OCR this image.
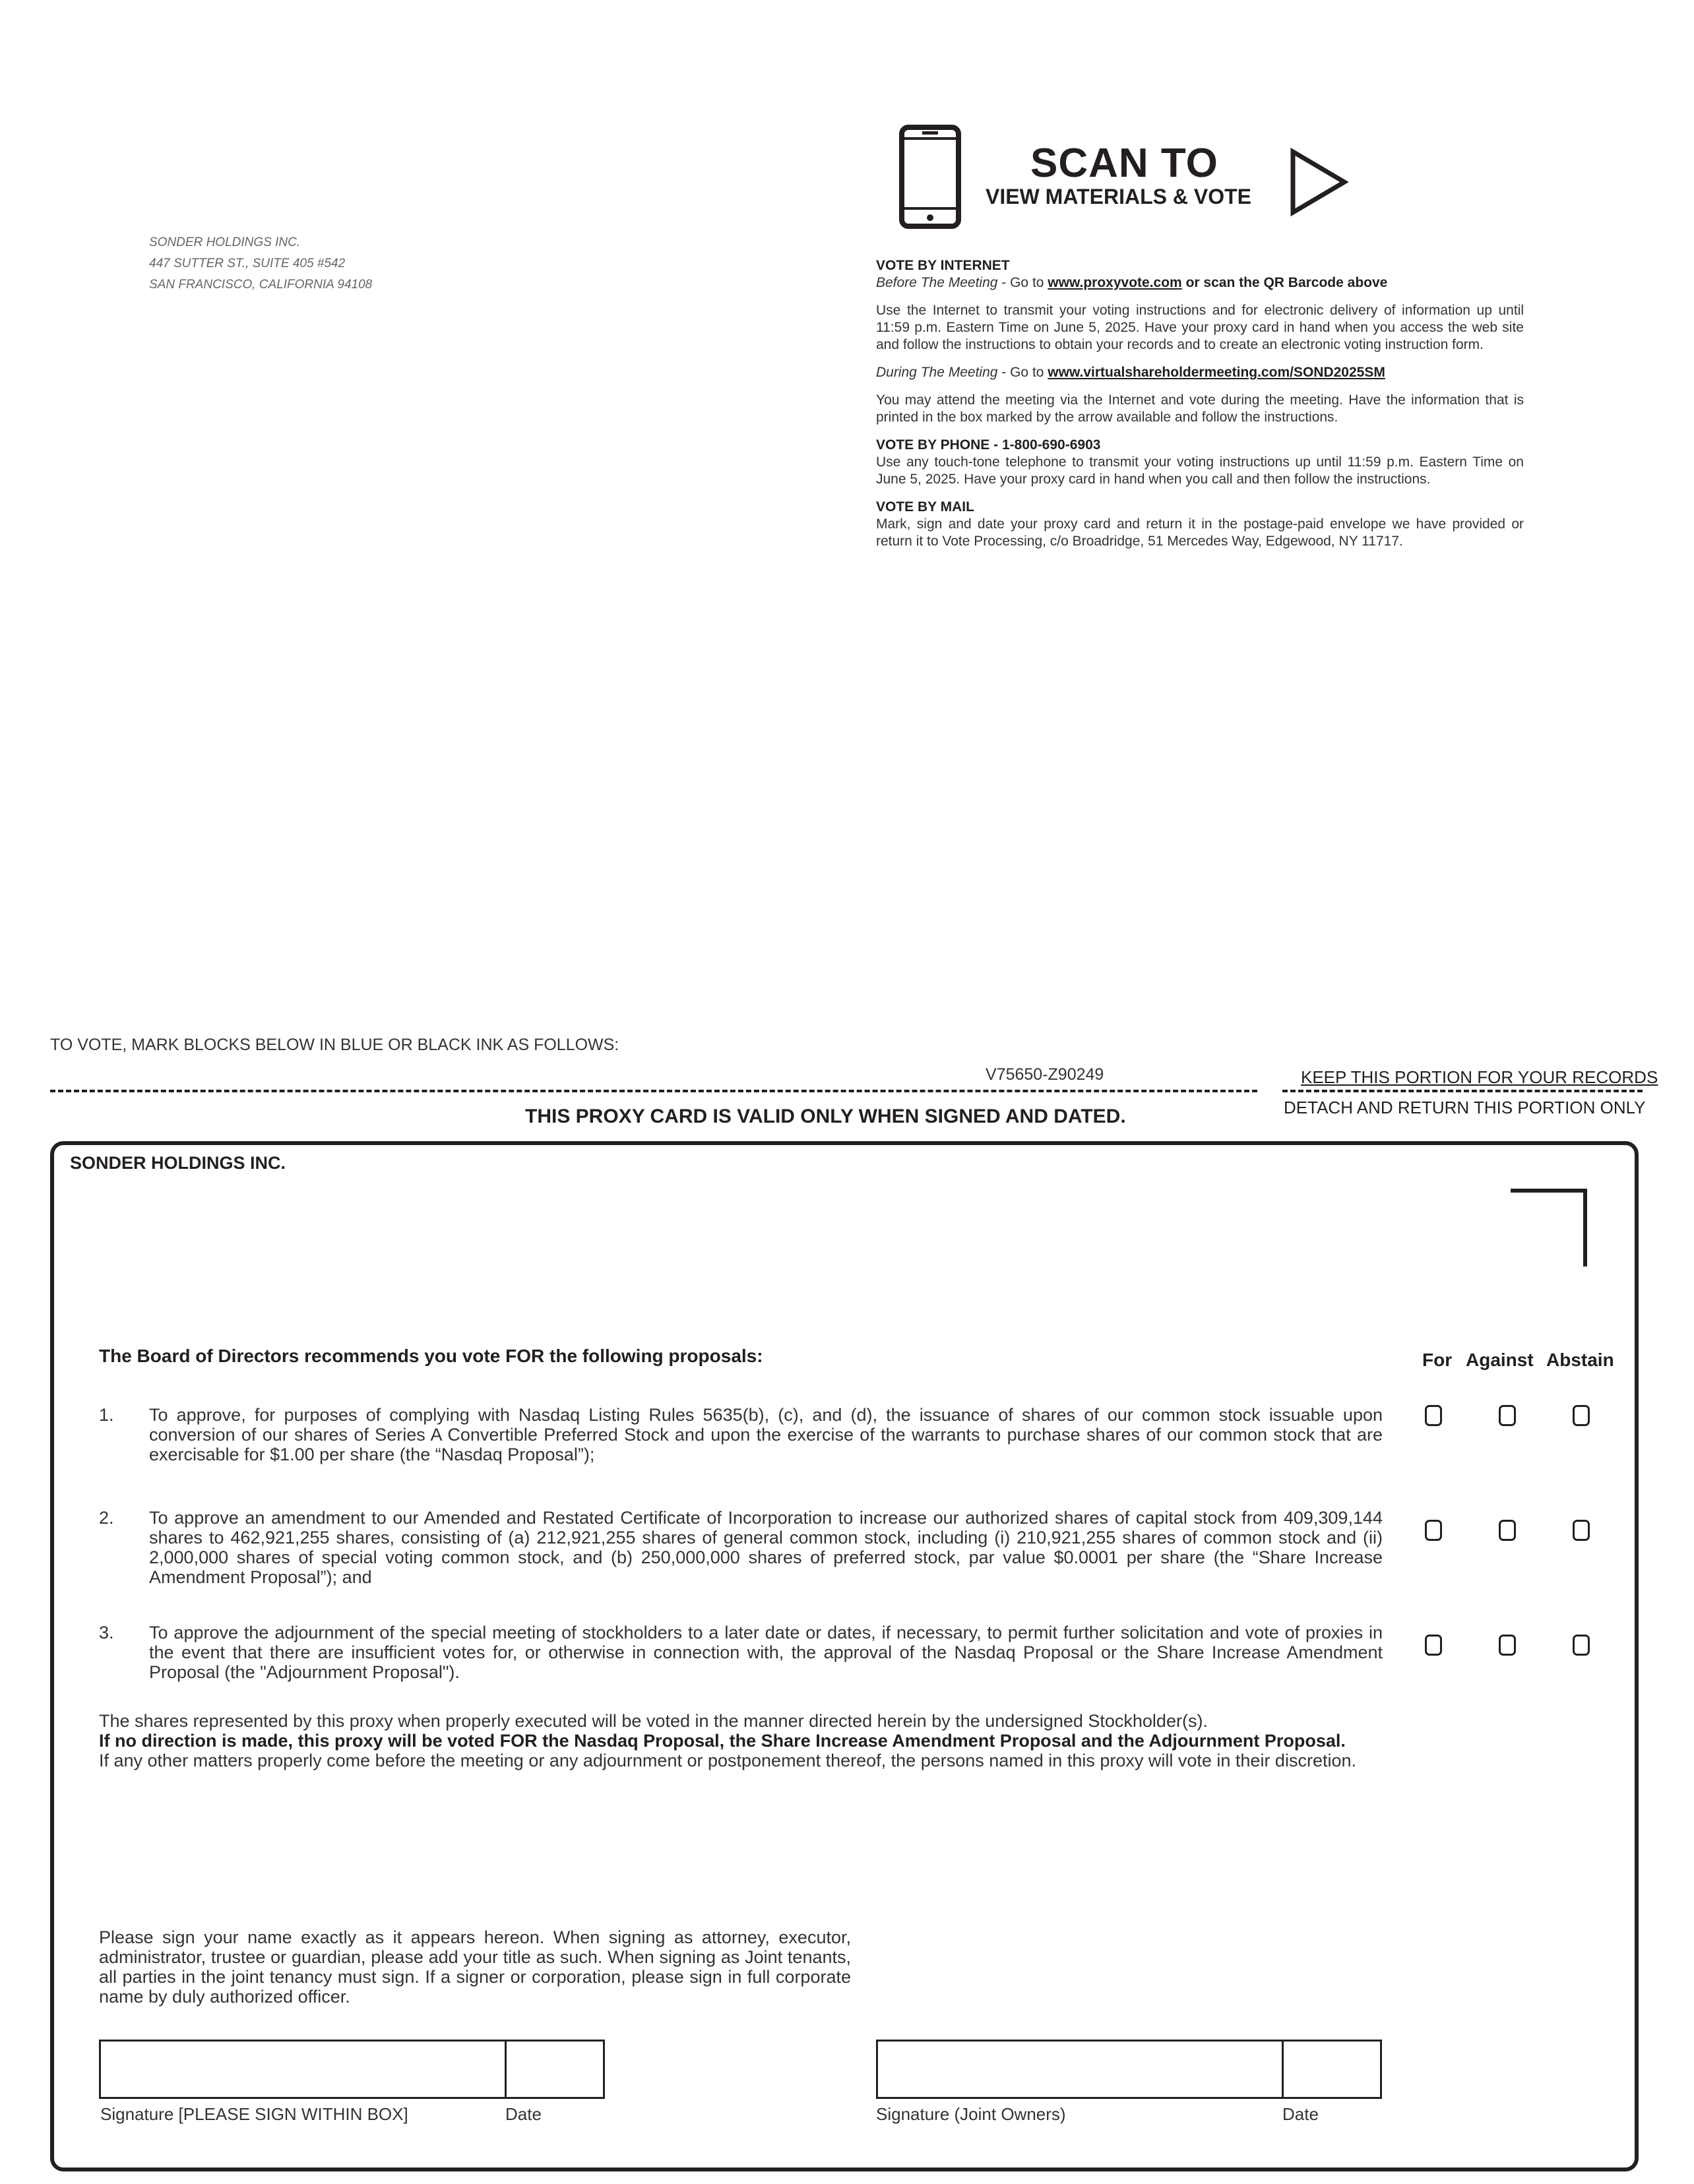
SONDER HOLDINGS INC.
447 SUTTER ST., SUITE 405 #542
SAN FRANCISCO, CALIFORNIA 94108
SCAN TO
VIEW MATERIALS & VOTE

VOTE BY INTERNET
Before The Meeting - Go to www.proxyvote.com or scan the QR Barcode above

Use the Internet to transmit your voting instructions and for electronic delivery of information up until 11:59 p.m. Eastern Time on June 5, 2025. Have your proxy card in hand when you access the web site and follow the instructions to obtain your records and to create an electronic voting instruction form.

During The Meeting - Go to www.virtualshareholdermeeting.com/SOND2025SM

You may attend the meeting via the Internet and vote during the meeting. Have the information that is printed in the box marked by the arrow available and follow the instructions.

VOTE BY PHONE - 1-800-690-6903
Use any touch-tone telephone to transmit your voting instructions up until 11:59 p.m. Eastern Time on June 5, 2025. Have your proxy card in hand when you call and then follow the instructions.

VOTE BY MAIL
Mark, sign and date your proxy card and return it in the postage-paid envelope we have provided or return it to Vote Processing, c/o Broadridge, 51 Mercedes Way, Edgewood, NY 11717.

TO VOTE, MARK BLOCKS BELOW IN BLUE OR BLACK INK AS FOLLOWS:
V75650-Z90249	KEEP THIS PORTION FOR YOUR RECORDS
THIS PROXY CARD IS VALID ONLY WHEN SIGNED AND DATED.	DETACH AND RETURN THIS PORTION ONLY
SONDER HOLDINGS INC.
The Board of Directors recommends you vote FOR the following proposals:	For Against Abstain
1. To approve, for purposes of complying with Nasdaq Listing Rules 5635(b), (c), and (d), the issuance of shares of our common stock issuable upon conversion of our shares of Series A Convertible Preferred Stock and upon the exercise of the warrants to purchase shares of our common stock that are exercisable for $1.00 per share (the “Nasdaq Proposal”);
2. To approve an amendment to our Amended and Restated Certificate of Incorporation to increase our authorized shares of capital stock from 409,309,144 shares to 462,921,255 shares, consisting of (a) 212,921,255 shares of general common stock, including (i) 210,921,255 shares of common stock and (ii) 2,000,000 shares of special voting common stock, and (b) 250,000,000 shares of preferred stock, par value $0.0001 per share (the “Share Increase Amendment Proposal”); and
3. To approve the adjournment of the special meeting of stockholders to a later date or dates, if necessary, to permit further solicitation and vote of proxies in the event that there are insufficient votes for, or otherwise in connection with, the approval of the Nasdaq Proposal or the Share Increase Amendment Proposal (the "Adjournment Proposal").
The shares represented by this proxy when properly executed will be voted in the manner directed herein by the undersigned Stockholder(s).
If no direction is made, this proxy will be voted FOR the Nasdaq Proposal, the Share Increase Amendment Proposal and the Adjournment Proposal.
If any other matters properly come before the meeting or any adjournment or postponement thereof, the persons named in this proxy will vote in their discretion.
Please sign your name exactly as it appears hereon. When signing as attorney, executor, administrator, trustee or guardian, please add your title as such. When signing as Joint tenants, all parties in the joint tenancy must sign. If a signer or corporation, please sign in full corporate name by duly authorized officer.
Signature [PLEASE SIGN WITHIN BOX]	Date	Signature (Joint Owners)	Date
